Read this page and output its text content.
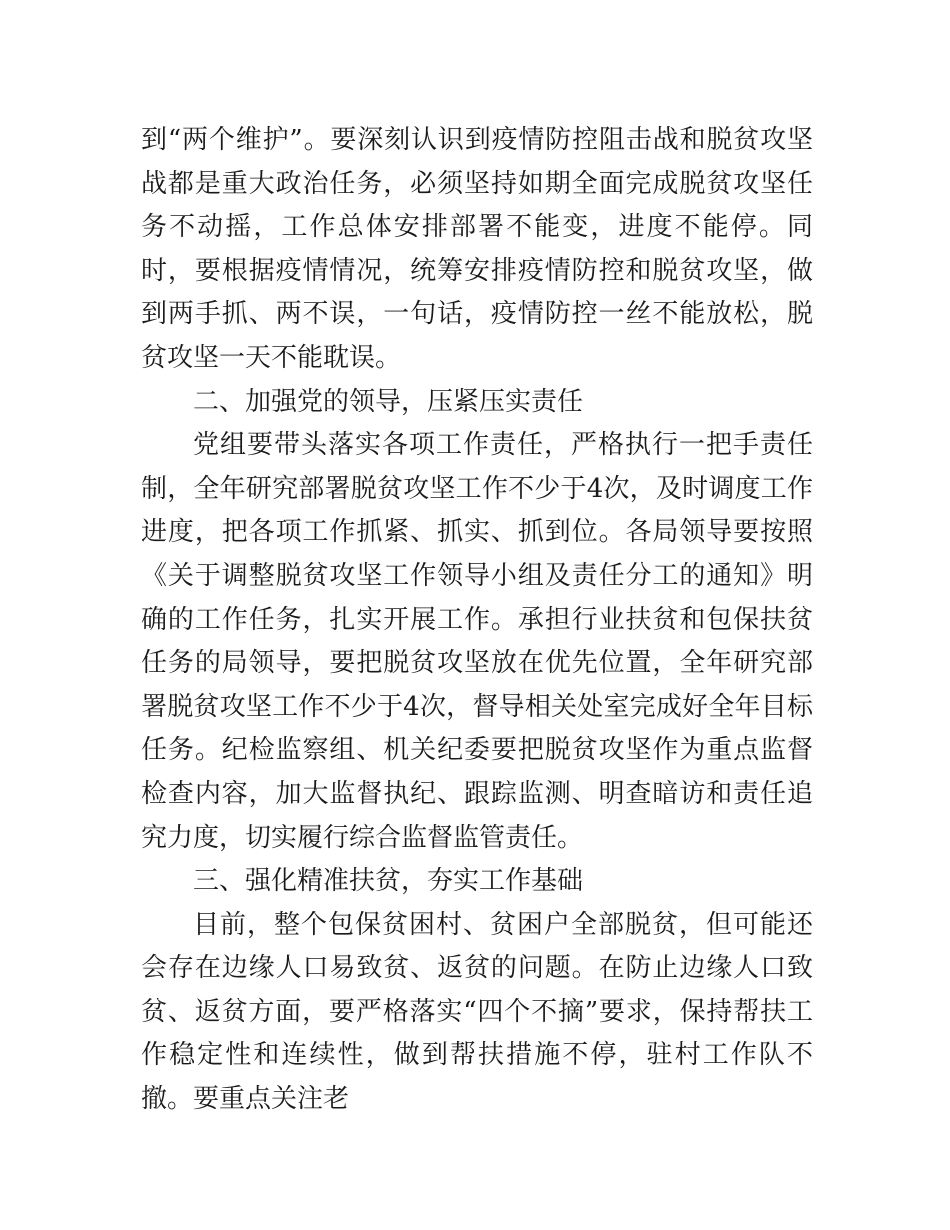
到“两个维护”。要深刻认识到疫情防控阻击战和脱贫攻坚战都是重大政治任务，必须坚持如期全面完成脱贫攻坚任务不动摇，工作总体安排部署不能变，进度不能停。同时，要根据疫情情况，统筹安排疫情防控和脱贫攻坚，做到两手抓、两不误，一句话，疫情防控一丝不能放松，脱贫攻坚一天不能耽误。

二、加强党的领导，压紧压实责任

党组要带头落实各项工作责任，严格执行一把手责任制，全年研究部署脱贫攻坚工作不少于4次，及时调度工作进度，把各项工作抓紧、抓实、抓到位。各局领导要按照《关于调整脱贫攻坚工作领导小组及责任分工的通知》明确的工作任务，扎实开展工作。承担行业扶贫和包保扶贫任务的局领导，要把脱贫攻坚放在优先位置，全年研究部署脱贫攻坚工作不少于4次，督导相关处室完成好全年目标任务。纪检监察组、机关纪委要把脱贫攻坚作为重点监督检查内容，加大监督执纪、跟踪监测、明查暗访和责任追究力度，切实履行综合监督监管责任。

三、强化精准扶贫，夯实工作基础

目前，整个包保贫困村、贫困户全部脱贫，但可能还会存在边缘人口易致贫、返贫的问题。在防止边缘人口致贫、返贫方面，要严格落实“四个不摘”要求，保持帮扶工作稳定性和连续性，做到帮扶措施不停，驻村工作队不撤。要重点关注老
